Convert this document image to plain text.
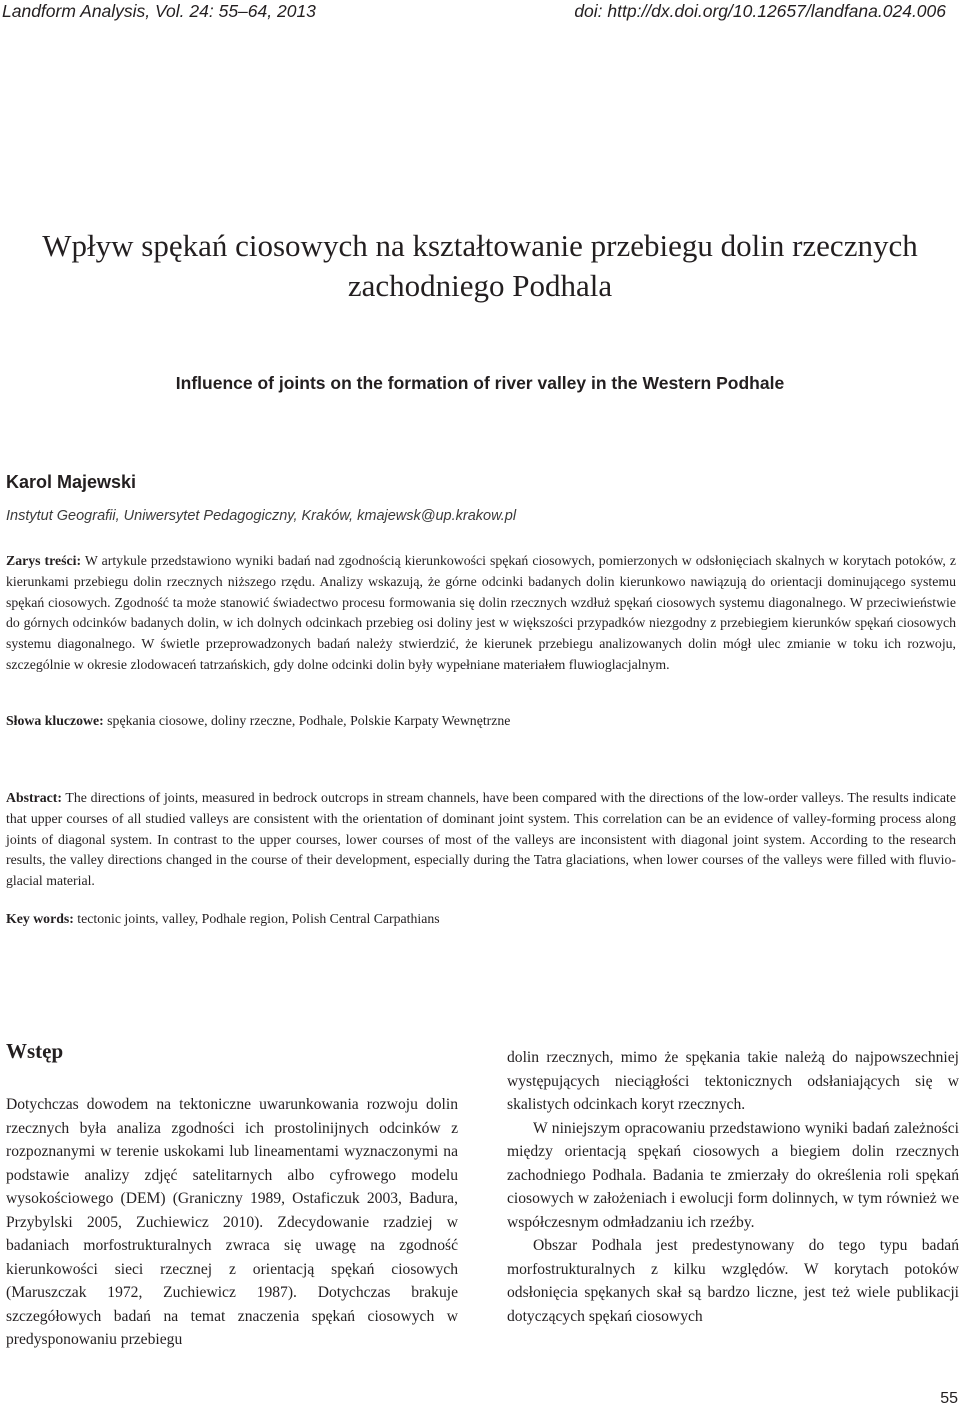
Landform Analysis, Vol. 24: 55–64, 2013	doi: http://dx.doi.org/10.12657/landfana.024.006
Wpływ spękań ciosowych na kształtowanie przebiegu dolin rzecznych zachodniego Podhala
Influence of joints on the formation of river valley in the Western Podhale
Karol Majewski
Instytut Geografii, Uniwersytet Pedagogiczny, Kraków, kmajewsk@up.krakow.pl
Zarys treści: W artykule przedstawiono wyniki badań nad zgodnością kierunkowości spękań ciosowych, pomierzonych w odsłonięciach skalnych w korytach potoków, z kierunkami przebiegu dolin rzecznych niższego rzędu. Analizy wskazują, że górne odcinki badanych dolin kierunkowo nawiązują do orientacji dominującego systemu spękań ciosowych. Zgodność ta może stanowić świadectwo procesu formowania się dolin rzecznych wzdłuż spękań ciosowych systemu diagonalnego. W przeciwieństwie do górnych odcinków badanych dolin, w ich dolnych odcinkach przebieg osi doliny jest w większości przypadków niezgodny z przebiegiem kierunków spękań ciosowych systemu diagonalnego. W świetle przeprowadzonych badań należy stwierdzić, że kierunek przebiegu analizowanych dolin mógł ulec zmianie w toku ich rozwoju, szczególnie w okresie zlodowaceń tatrzańskich, gdy dolne odcinki dolin były wypełniane materiałem fluwioglacjalnym.
Słowa kluczowe: spękania ciosowe, doliny rzeczne, Podhale, Polskie Karpaty Wewnętrzne
Abstract: The directions of joints, measured in bedrock outcrops in stream channels, have been compared with the directions of the low-order valleys. The results indicate that upper courses of all studied valleys are consistent with the orientation of dominant joint system. This correlation can be an evidence of valley-forming process along joints of diagonal system. In contrast to the upper courses, lower courses of most of the valleys are inconsistent with diagonal joint system. According to the research results, the valley directions changed in the course of their development, especially during the Tatra glaciations, when lower courses of the valleys were filled with fluvio-glacial material.
Key words: tectonic joints, valley, Podhale region, Polish Central Carpathians
Wstęp

Dotychczas dowodem na tektoniczne uwarunkowania rozwoju dolin rzecznych była analiza zgodności ich prostolinijnych odcinków z rozpoznanymi w terenie uskokami lub lineamentami wyznaczonymi na podstawie analizy zdjęć satelitarnych albo cyfrowego modelu wysokościowego (DEM) (Graniczny 1989, Ostaficzuk 2003, Badura, Przybylski 2005, Zuchiewicz 2010). Zdecydowanie rzadziej w badaniach morfostrukturalnych zwraca się uwagę na zgodność kierunkowości sieci rzecznej z orientacją spękań ciosowych (Maruszczak 1972, Zuchiewicz 1987). Dotychczas brakuje szczegółowych badań na temat znaczenia spękań ciosowych w predysponowaniu przebiegu

dolin rzecznych, mimo że spękania takie należą do najpowszechniej występujących nieciągłości tektonicznych odsłaniających się w skalistych odcinkach koryt rzecznych.

W niniejszym opracowaniu przedstawiono wyniki badań zależności między orientacją spękań ciosowych a biegiem dolin rzecznych zachodniego Podhala. Badania te zmierzały do określenia roli spękań ciosowych w założeniach i ewolucji form dolinnych, w tym również we współczesnym odmładzaniu ich rzeźby.

Obszar Podhala jest predestynowany do tego typu badań morfostrukturalnych z kilku względów. W korytach potoków odsłonięcia spękanych skał są bardzo liczne, jest też wiele publikacji dotyczących spękań ciosowych

55
